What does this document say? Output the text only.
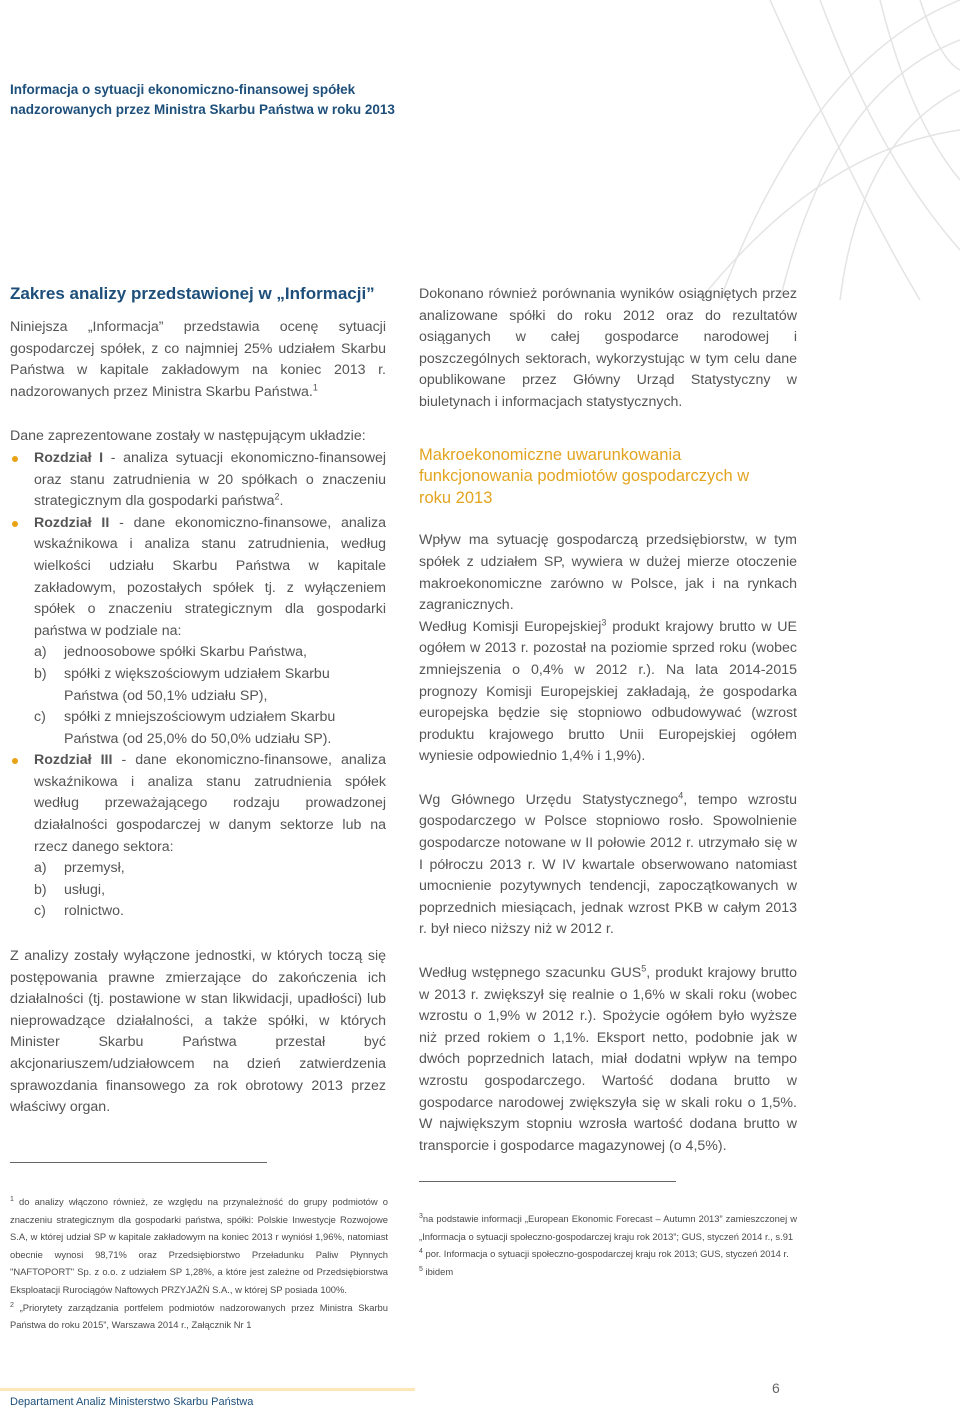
Informacja o sytuacji ekonomiczno-finansowej spółek
nadzorowanych przez Ministra Skarbu Państwa w roku 2013
Zakres analizy przedstawionej w „Informacji”

Niniejsza „Informacja” przedstawia ocenę sytuacji gospodarczej spółek, z co najmniej 25% udziałem Skarbu Państwa w kapitale zakładowym na koniec 2013 r. nadzorowanych przez Ministra Skarbu Państwa.$^1$

Dane zaprezentowane zostały w następującym układzie:

Rozdział I - analiza sytuacji ekonomiczno-finansowej oraz stanu zatrudnienia w 20 spółkach o znaczeniu strategicznym dla gospodarki państwa$^2$.
Rozdział II - dane ekonomiczno-finansowe, analiza wskaźnikowa i analiza stanu zatrudnienia, według wielkości udziału Skarbu Państwa w kapitale zakładowym, pozostałych spółek tj. z wyłączeniem spółek o znaczeniu strategicznym dla gospodarki państwa w podziale na:
a) jednoosobowe spółki Skarbu Państwa,
b) spółki z większościowym udziałem Skarbu Państwa (od 50,1% udziału SP),
c) spółki z mniejszościowym udziałem Skarbu Państwa (od 25,0% do 50,0% udziału SP).
Rozdział III - dane ekonomiczno-finansowe, analiza wskaźnikowa i analiza stanu zatrudnienia spółek według przeważającego rodzaju prowadzonej działalności gospodarczej w danym sektorze lub na rzecz danego sektora:
a) przemysł,
b) usługi,
c) rolnictwo.

Z analizy zostały wyłączone jednostki, w których toczą się postępowania prawne zmierzające do zakończenia ich działalności (tj. postawione w stan likwidacji, upadłości) lub nieprowadzące działalności, a także spółki, w których Minister Skarbu Państwa przestał być akcjonariuszem/udziałowcem na dzień zatwierdzenia sprawozdania finansowego za rok obrotowy 2013 przez właściwy organ.

Dokonano również porównania wyników osiągniętych przez analizowane spółki do roku 2012 oraz do rezultatów osiąganych w całej gospodarce narodowej i poszczególnych sektorach, wykorzystując w tym celu dane opublikowane przez Główny Urząd Statystyczny w biuletynach i informacjach statystycznych.

Makroekonomiczne uwarunkowania funkcjonowania podmiotów gospodarczych w roku 2013

Wpływ ma sytuację gospodarczą przedsiębiorstw, w tym spółek z udziałem SP, wywiera w dużej mierze otoczenie makroekonomiczne zarówno w Polsce, jak i na rynkach zagranicznych.

Według Komisji Europejskiej$^3$ produkt krajowy brutto w UE ogółem w 2013 r. pozostał na poziomie sprzed roku (wobec zmniejszenia o 0,4% w 2012 r.). Na lata 2014-2015 prognozy Komisji Europejskiej zakładają, że gospodarka europejska będzie się stopniowo odbudowywać (wzrost produktu krajowego brutto Unii Europejskiej ogółem wyniesie odpowiednio 1,4% i 1,9%).

Wg Głównego Urzędu Statystycznego$^4$, tempo wzrostu gospodarczego w Polsce stopniowo rosło. Spowolnienie gospodarcze notowane w II połowie 2012 r. utrzymało się w I półroczu 2013 r. W IV kwartale obserwowano natomiast umocnienie pozytywnych tendencji, zapoczątkowanych w poprzednich miesiącach, jednak wzrost PKB w całym 2013 r. był nieco niższy niż w 2012 r.

Według wstępnego szacunku GUS$^5$, produkt krajowy brutto w 2013 r. zwiększył się realnie o 1,6% w skali roku (wobec wzrostu o 1,9% w 2012 r.). Spożycie ogółem było wyższe niż przed rokiem o 1,1%. Eksport netto, podobnie jak w dwóch poprzednich latach, miał dodatni wpływ na tempo wzrostu gospodarczego. Wartość dodana brutto w gospodarce narodowej zwiększyła się w skali roku o 1,5%. W największym stopniu wzrosła wartość dodana brutto w transporcie i gospodarce magazynowej (o 4,5%).

$^1$ do analizy włączono również, ze względu na przynależność do grupy podmiotów o znaczeniu strategicznym dla gospodarki państwa, spółki: Polskie Inwestycje Rozwojowe S.A, w której udział SP w kapitale zakładowym na koniec 2013 r wyniósł 1,96%, natomiast obecnie wynosi 98,71% oraz Przedsiębiorstwo Przeładunku Paliw Płynnych "NAFTOPORT" Sp. z o.o. z udziałem SP 1,28%, a które jest zależne od Przedsiębiorstwa Eksploatacji Rurociągów Naftowych PRZYJAŹŃ S.A., w której SP posiada 100%.
$^2$ „Priorytety zarządzania portfelem podmiotów nadzorowanych przez Ministra Skarbu Państwa do roku 2015”, Warszawa 2014 r., Załącznik Nr 1
$^3$na podstawie informacji „European Ekonomic Forecast – Autumn 2013” zamieszczonej w „Informacja o sytuacji społeczno-gospodarczej kraju rok 2013”; GUS, styczeń 2014 r., s.91
$^4$ por. Informacja o sytuacji społeczno-gospodarczej kraju rok 2013; GUS, styczeń 2014 r.
$^5$ ibidem
Departament Analiz Ministerstwo Skarbu Państwa
6
